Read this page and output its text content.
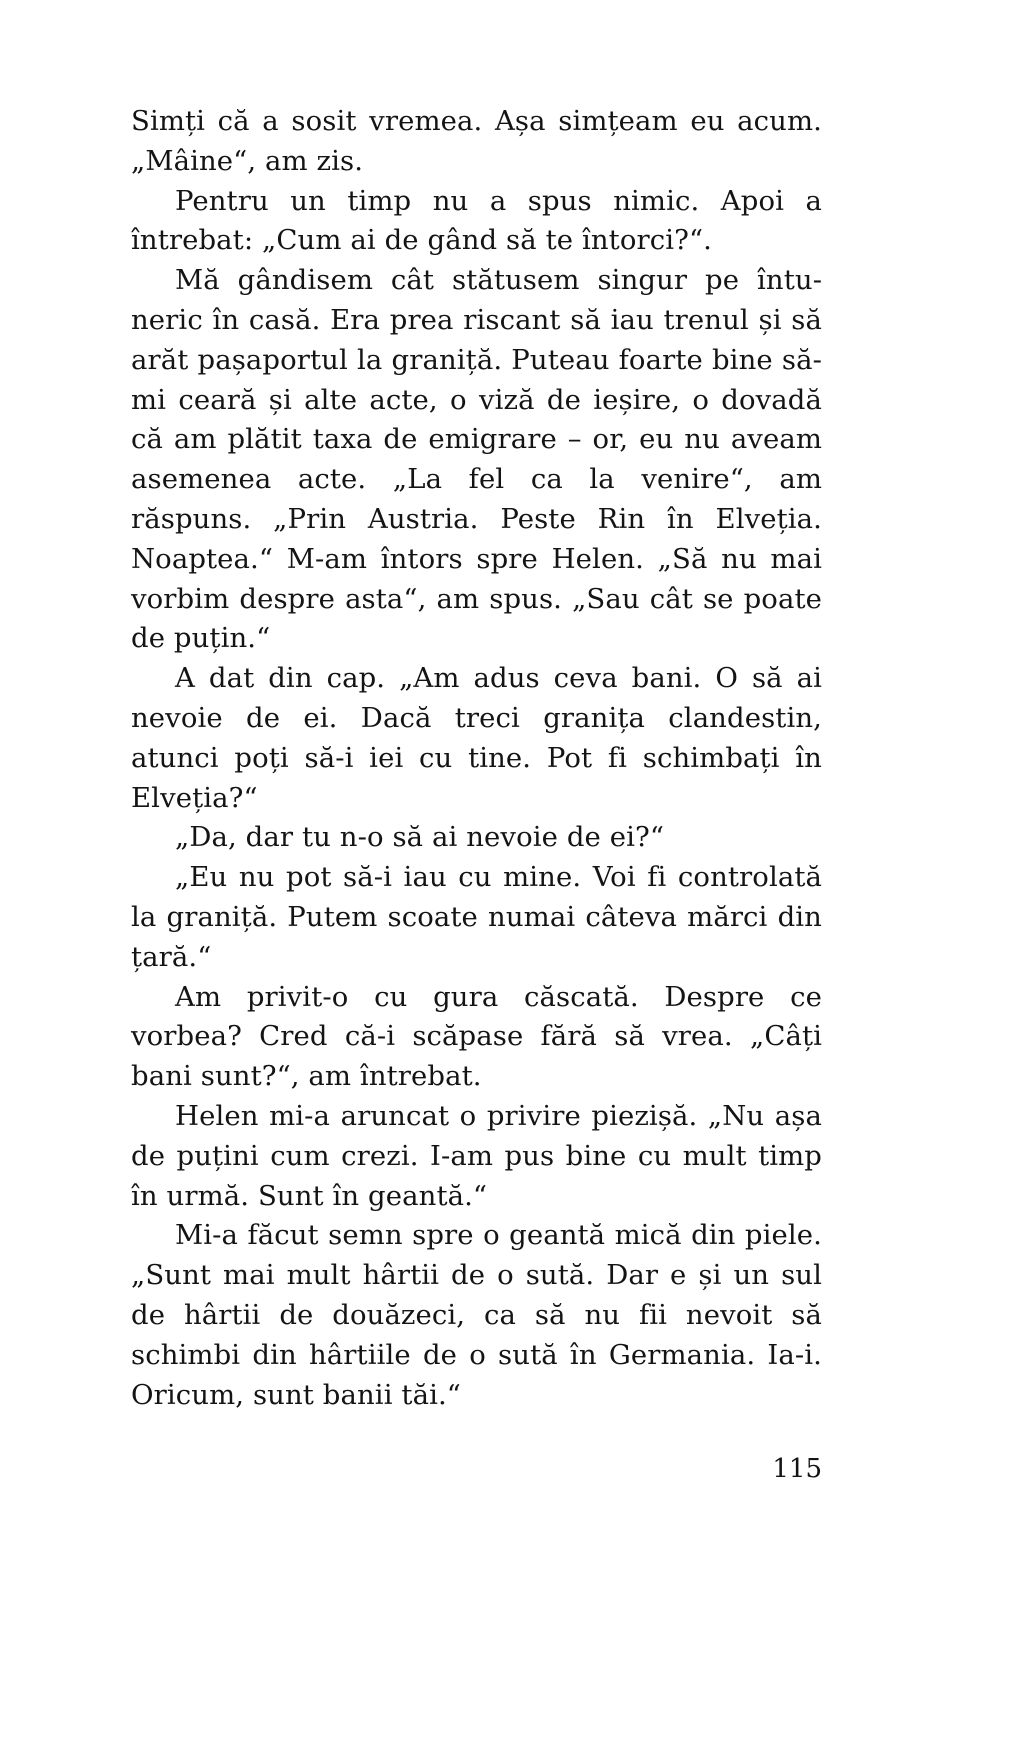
Simți că a sosit vremea. Așa simțeam eu acum. „Mâine“, am zis.

Pentru un timp nu a spus nimic. Apoi a întrebat: „Cum ai de gând să te întorci?“.

Mă gândisem cât stătusem singur pe întuneric în casă. Era prea riscant să iau trenul și să arăt pașaportul la graniță. Puteau foarte bine să-mi ceară și alte acte, o viză de ieșire, o dovadă că am plătit taxa de emigrare – or, eu nu aveam asemenea acte. „La fel ca la venire“, am răspuns. „Prin Austria. Peste Rin în Elveția. Noaptea.“ M-am întors spre Helen. „Să nu mai vorbim despre asta“, am spus. „Sau cât se poate de puțin.“

A dat din cap. „Am adus ceva bani. O să ai nevoie de ei. Dacă treci granița clandestin, atunci poți să-i iei cu tine. Pot fi schimbați în Elveția?“

„Da, dar tu n-o să ai nevoie de ei?“

„Eu nu pot să-i iau cu mine. Voi fi controlată la graniță. Putem scoate numai câteva mărci din țară.“

Am privit-o cu gura căscată. Despre ce vorbea? Cred că-i scăpase fără să vrea. „Câți bani sunt?“, am întrebat.

Helen mi-a aruncat o privire piezișă. „Nu așa de puțini cum crezi. I-am pus bine cu mult timp în urmă. Sunt în geantă.“

Mi-a făcut semn spre o geantă mică din piele. „Sunt mai mult hârtii de o sută. Dar e și un sul de hârtii de douăzeci, ca să nu fii nevoit să schimbi din hârtiile de o sută în Germania. Ia-i. Oricum, sunt banii tăi.“

115
